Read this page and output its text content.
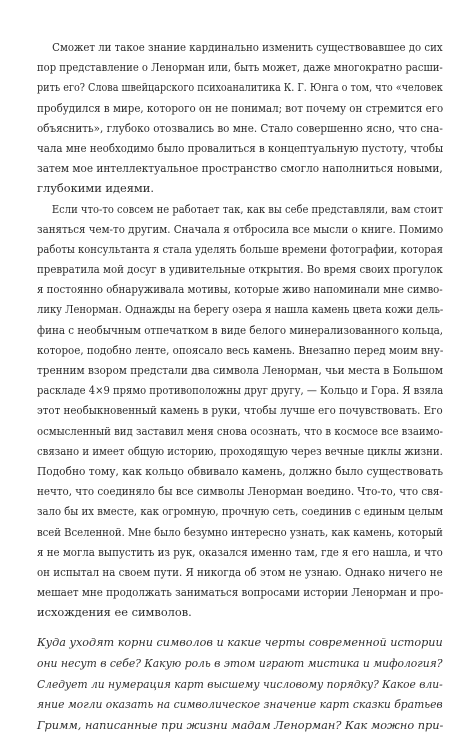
Сможет ли такое знание кардинально изменить существовавшее до сих
пор представление о Ленорман или, быть может, даже многократно расши-
рить его? Слова швейцарского психоаналитика К. Г. Юнга о том, что «человек
пробудился в мире, которого он не понимал; вот почему он стремится его
объяснить», глубоко отозвались во мне. Стало совершенно ясно, что сна-
чала мне необходимо было провалиться в концептуальную пустоту, чтобы
затем мое интеллектуальное пространство смогло наполниться новыми,
глубокими идеями.

Если что-то совсем не работает так, как вы себе представляли, вам стоит
заняться чем-то другим. Сначала я отбросила все мысли о книге. Помимо
работы консультанта я стала уделять больше времени фотографии, которая
превратила мой досуг в удивительные открытия. Во время своих прогулок
я постоянно обнаруживала мотивы, которые живо напоминали мне симво-
лику Ленорман. Однажды на берегу озера я нашла камень цвета кожи дель-
фина с необычным отпечатком в виде белого минерализованного кольца,
которое, подобно ленте, опоясало весь камень. Внезапно перед моим вну-
тренним взором предстали два символа Ленорман, чьи места в Большом
раскладе 4×9 прямо противоположны друг другу, — Кольцо и Гора. Я взяла
этот необыкновенный камень в руки, чтобы лучше его почувствовать. Его
осмысленный вид заставил меня снова осознать, что в космосе все взаимо-
связано и имеет общую историю, проходящую через вечные циклы жизни.
Подобно тому, как кольцо обвивало камень, должно было существовать
нечто, что соединяло бы все символы Ленорман воедино. Что-то, что свя-
зало бы их вместе, как огромную, прочную сеть, соединив с единым целым
всей Вселенной. Мне было безумно интересно узнать, как камень, который
я не могла выпустить из рук, оказался именно там, где я его нашла, и что
он испытал на своем пути. Я никогда об этом не узнаю. Однако ничего не
мешает мне продолжать заниматься вопросами истории Ленорман и про-
исхождения ее символов.

Куда уходят корни символов и какие черты современной истории
они несут в себе? Какую роль в этом играют мистика и мифология?
Следует ли нумерация карт высшему числовому порядку? Какое вли-
яние могли оказать на символическое значение карт сказки братьев
Гримм, написанные при жизни мадам Ленорман? Как можно при-
